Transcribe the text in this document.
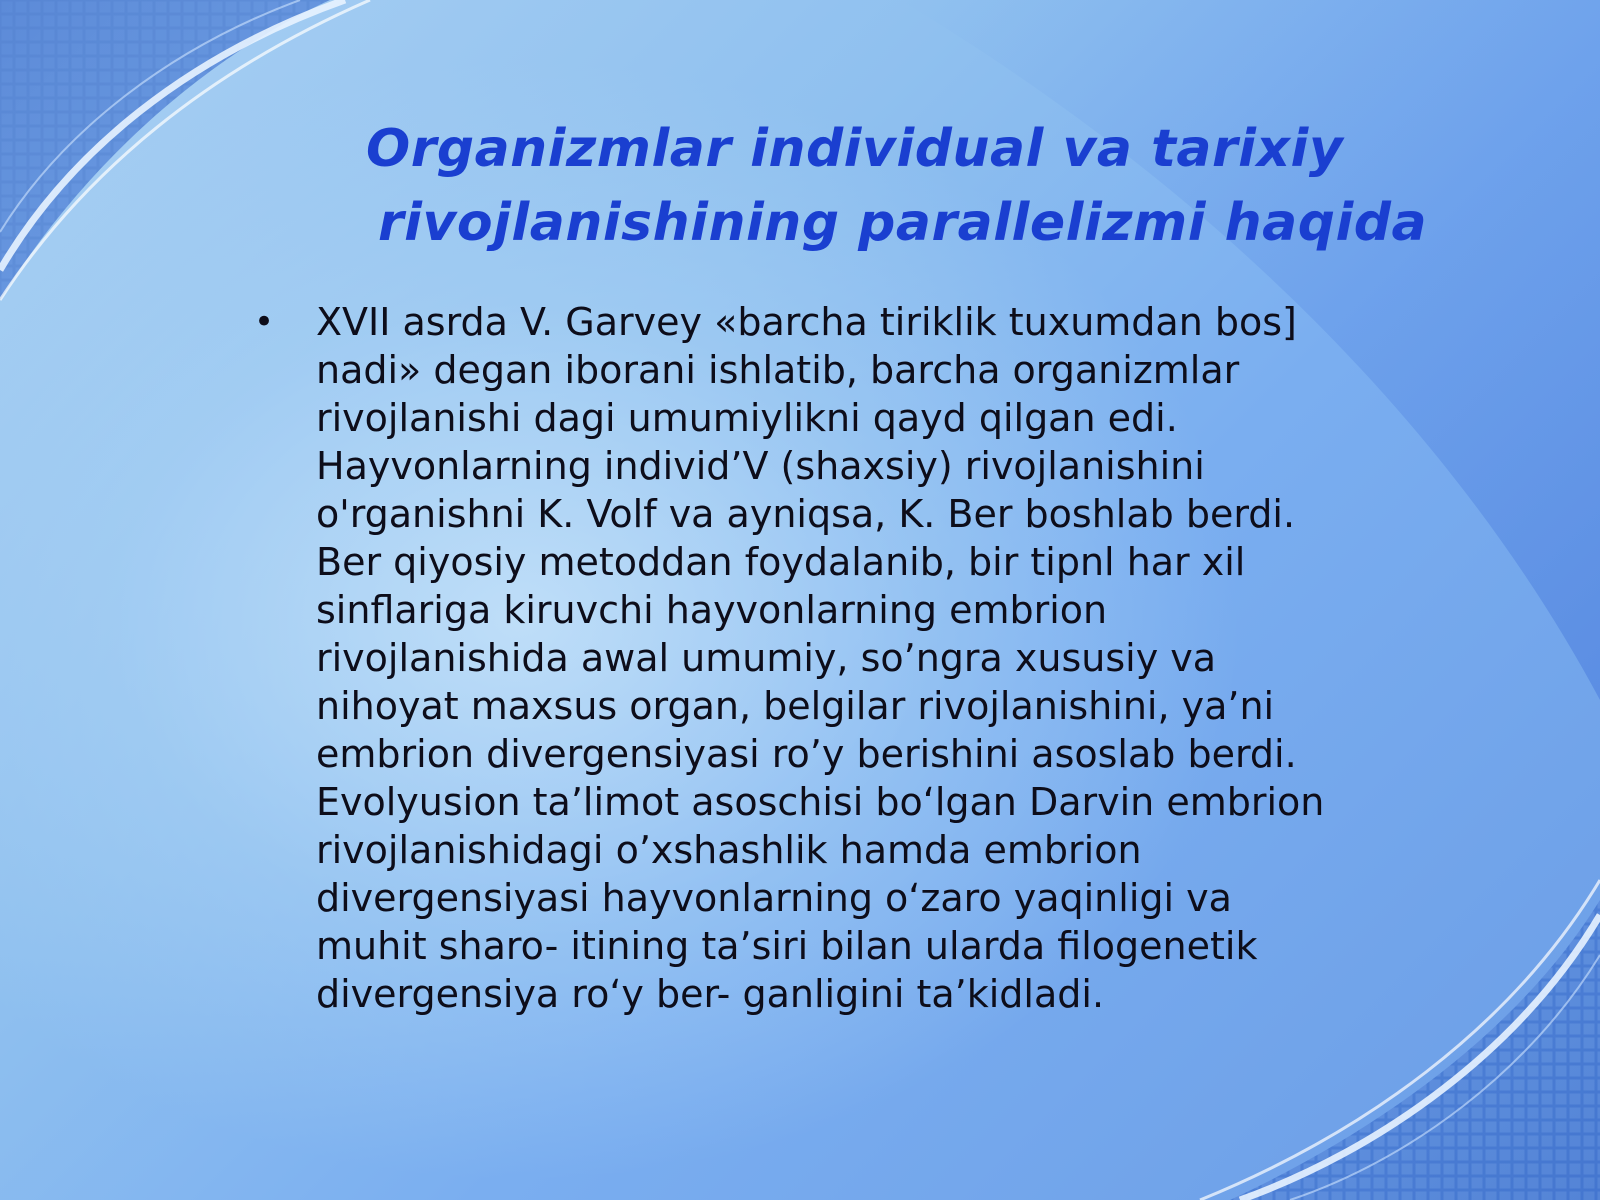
Organizmlar individual va tarixiy
rivojlanishining parallelizmi haqida
• XVII asrda V. Garvey «barcha tiriklik tuxumdan bos]
nadi» degan iborani ishlatib, barcha organizmlar
rivojlanishi dagi umumiylikni qayd qilgan edi.
Hayvonlarning individ’V (shaxsiy) rivojlanishini
o'rganishni K. Volf va ayniqsa, K. Ber boshlab berdi.
Ber qiyosiy metoddan foydalanib, bir tipnl har xil
sinflariga kiruvchi hayvonlarning embrion
rivojlanishida awal umumiy, so’ngra xususiy va
nihoyat maxsus organ, belgilar rivojlanishini, ya’ni
embrion divergensiyasi ro’y berishini asoslab berdi.
Evolyusion ta’limot asoschisi bo‘lgan Darvin embrion
rivojlanishidagi o’xshashlik hamda embrion
divergensiyasi hayvonlarning o‘zaro yaqinligi va
muhit sharo- itining ta’siri bilan ularda filogenetik
divergensiya ro‘y ber- ganligini ta’kidladi.
